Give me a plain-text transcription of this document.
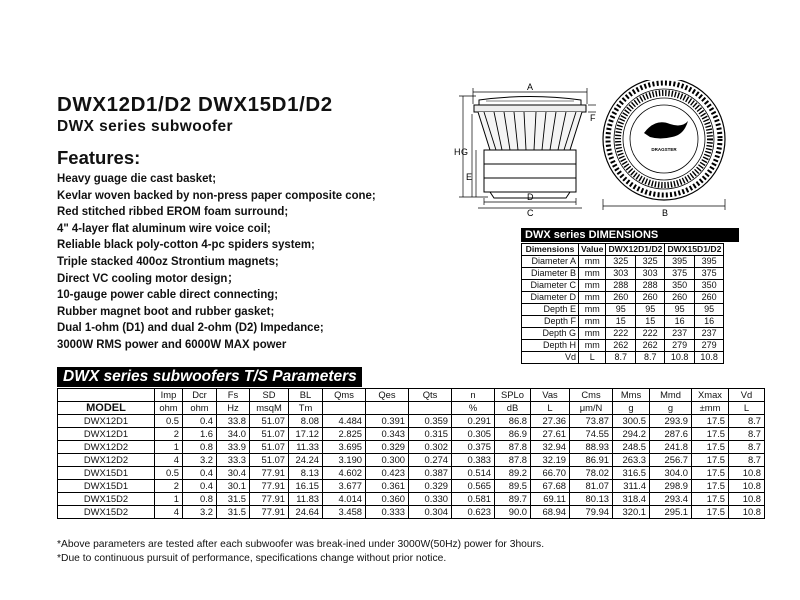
DWX12D1/D2 DWX15D1/D2
DWX series subwoofer
Features:
Heavy guage die cast basket;
Kevlar woven backed by non-press paper composite cone;
Red stitched ribbed EROM foam surround;
4" 4-layer flat aluminum wire voice coil;
Reliable black poly-cotton 4-pc spiders system;
Triple stacked 400oz Strontium magnets;
Direct VC cooling motor design；
10-gauge power cable direct connecting;
Rubber magnet boot and rubber gasket;
Dual 1-ohm (D1) and dual 2-ohm (D2) Impedance;
3000W RMS power and 6000W MAX power
A
F
H G
E
D
C
DRAGSTER
B
DWX series DIMENSIONS
Dimensions	Value	DWX12D1/D2		DWX15D1/D2	
Diameter A	mm	325	325	395	395
Diameter B	mm	303	303	375	375
Diameter C	mm	288	288	350	350
Diameter D	mm	260	260	260	260
Depth E	mm	95	95	95	95
Depth F	mm	15	15	16	16
Depth G	mm	222	222	237	237
Depth H	mm	262	262	279	279
Vd	L	8.7	8.7	10.8	10.8
DWX series subwoofers T/S Parameters
	Imp	Dcr	Fs	SD	BL	Qms	Qes	Qts	n	SPLo	Vas	Cms	Mms	Mmd	Xmax	Vd
MODEL	ohm	ohm	Hz	msqM	Tm				%	dB	L	μm/N	g	g	±mm	L
DWX12D1	0.5	0.4	33.8	51.07	8.08	4.484	0.391	0.359	0.291	86.8	27.36	73.87	300.5	293.9	17.5	8.7
DWX12D1	2	1.6	34.0	51.07	17.12	2.825	0.343	0.315	0.305	86.9	27.61	74.55	294.2	287.6	17.5	8.7
DWX12D2	1	0.8	33.9	51.07	11.33	3.695	0.329	0.302	0.375	87.8	32.94	88.93	248.5	241.8	17.5	8.7
DWX12D2	4	3.2	33.3	51.07	24.24	3.190	0.300	0.274	0.383	87.8	32.19	86.91	263.3	256.7	17.5	8.7
DWX15D1	0.5	0.4	30.4	77.91	8.13	4.602	0.423	0.387	0.514	89.2	66.70	78.02	316.5	304.0	17.5	10.8
DWX15D1	2	0.4	30.1	77.91	16.15	3.677	0.361	0.329	0.565	89.5	67.68	81.07	311.4	298.9	17.5	10.8
DWX15D2	1	0.8	31.5	77.91	11.83	4.014	0.360	0.330	0.581	89.7	69.11	80.13	318.4	293.4	17.5	10.8
DWX15D2	4	3.2	31.5	77.91	24.64	3.458	0.333	0.304	0.623	90.0	68.94	79.94	320.1	295.1	17.5	10.8
*Above parameters are tested after each subwoofer was break-ined under 3000W(50Hz) power for 3hours.
*Due to continuous pursuit of performance, specifications change without prior notice.
